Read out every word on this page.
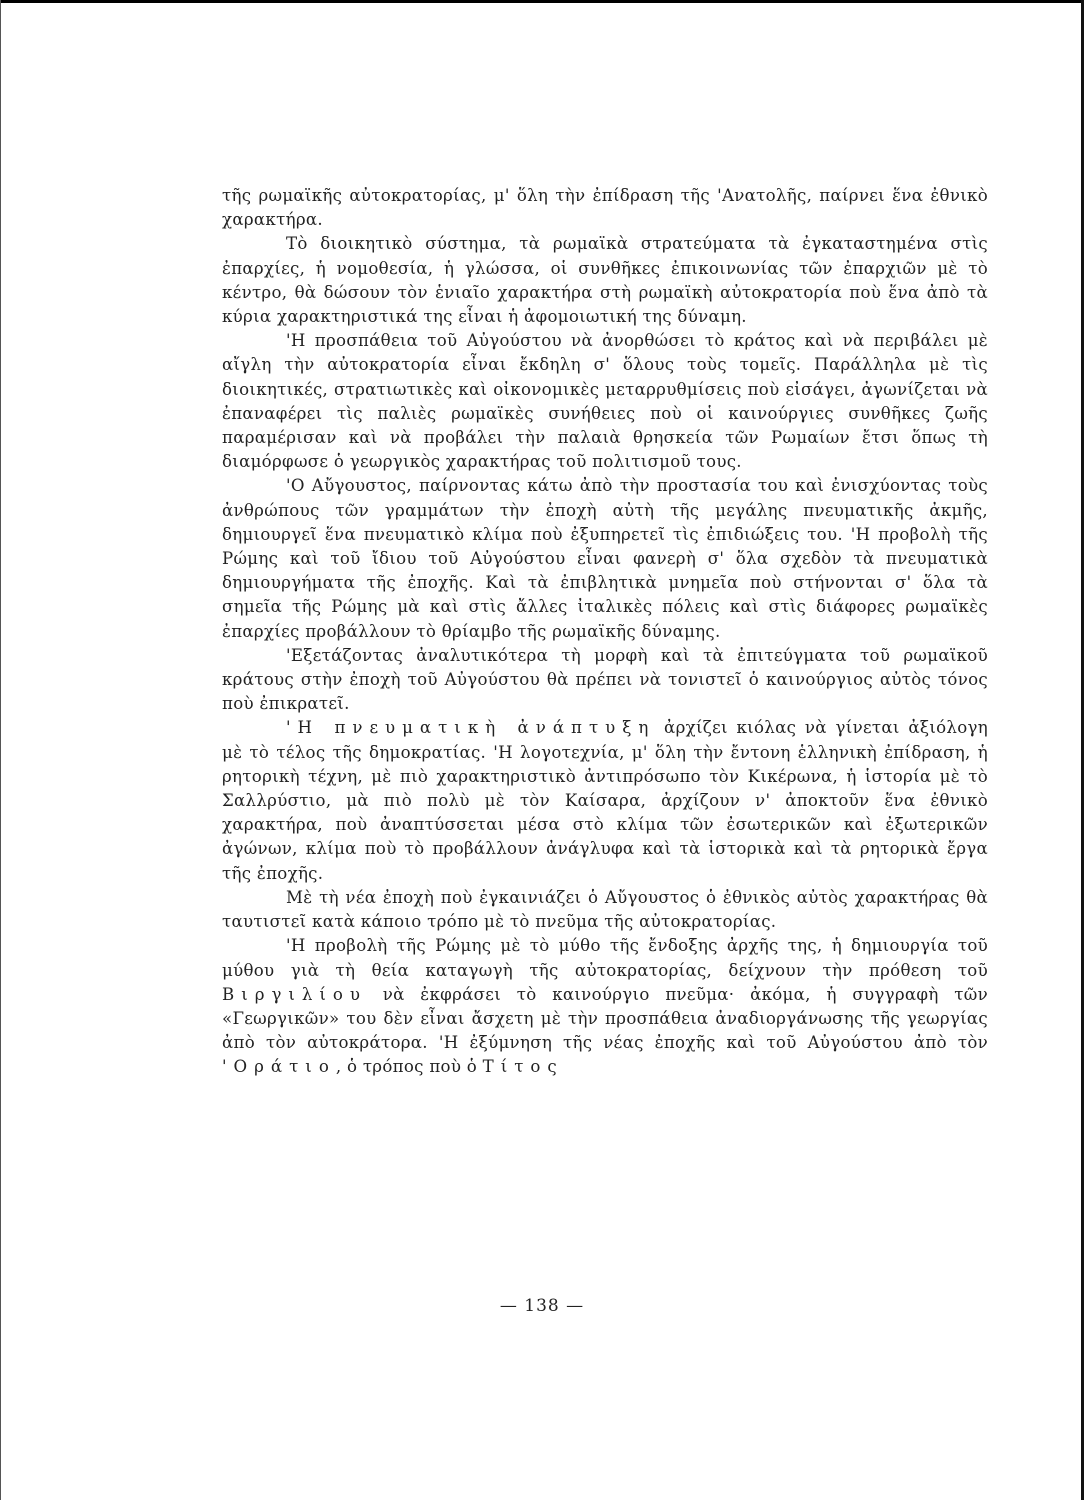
τῆς ρωμαϊκῆς αὐτοκρατορίας, μ' ὅλη τὴν ἐπίδραση τῆς 'Ανατολῆς, παίρνει ἕνα ἐθνικὸ χαρακτήρα.

Τὸ διοικητικὸ σύστημα, τὰ ρωμαϊκὰ στρατεύματα τὰ ἐγκαταστημένα στὶς ἐπαρχίες, ἡ νομοθεσία, ἡ γλώσσα, οἱ συνθῆκες ἐπικοινωνίας τῶν ἐπαρχιῶν μὲ τὸ κέντρο, θὰ δώσουν τὸν ἑνιαῖο χαρακτήρα στὴ ρωμαϊκὴ αὐτοκρατορία ποὺ ἕνα ἀπὸ τὰ κύρια χαρακτηριστικά της εἶναι ἡ ἀφομοιωτική της δύναμη.

'Η προσπάθεια τοῦ Αὐγούστου νὰ ἀνορθώσει τὸ κράτος καὶ νὰ περιβάλει μὲ αἴγλη τὴν αὐτοκρατορία εἶναι ἔκδηλη σ' ὅλους τοὺς τομεῖς. Παράλληλα μὲ τὶς διοικητικές, στρατιωτικὲς καὶ οἰκονομικὲς μεταρρυθμίσεις ποὺ εἰσάγει, ἀγωνίζεται νὰ ἐπαναφέρει τὶς παλιὲς ρωμαϊκὲς συνήθειες ποὺ οἱ καινούργιες συνθῆκες ζωῆς παραμέρισαν καὶ νὰ προβάλει τὴν παλαιὰ θρησκεία τῶν Ρωμαίων ἔτσι ὅπως τὴ διαμόρφωσε ὁ γεωργικὸς χαρακτήρας τοῦ πολιτισμοῦ τους.

'Ο Αὔγουστος, παίρνοντας κάτω ἀπὸ τὴν προστασία του καὶ ἐνισχύοντας τοὺς ἀνθρώπους τῶν γραμμάτων τὴν ἐποχὴ αὐτὴ τῆς μεγάλης πνευματικῆς ἀκμῆς, δημιουργεῖ ἕνα πνευματικὸ κλίμα ποὺ ἐξυπηρετεῖ τὶς ἐπιδιώξεις του. 'Η προβολὴ τῆς Ρώμης καὶ τοῦ ἴδιου τοῦ Αὐγούστου εἶναι φανερὴ σ' ὅλα σχεδὸν τὰ πνευματικὰ δημιουργήματα τῆς ἐποχῆς. Καὶ τὰ ἐπιβλητικὰ μνημεῖα ποὺ στήνονται σ' ὅλα τὰ σημεῖα τῆς Ρώμης μὰ καὶ στὶς ἄλλες ἰταλικὲς πόλεις καὶ στὶς διάφορες ρωμαϊκὲς ἐπαρχίες προβάλλουν τὸ θρίαμβο τῆς ρωμαϊκῆς δύναμης.

'Εξετάζοντας ἀναλυτικότερα τὴ μορφὴ καὶ τὰ ἐπιτεύγματα τοῦ ρωμαϊκοῦ κράτους στὴν ἐποχὴ τοῦ Αὐγούστου θὰ πρέπει νὰ τονιστεῖ ὁ καινούργιος αὐτὸς τόνος ποὺ ἐπικρατεῖ.

'Η πνευματικὴ ἀνάπτυξη ἀρχίζει κιόλας νὰ γίνεται ἀξιόλογη μὲ τὸ τέλος τῆς δημοκρατίας. 'Η λογοτεχνία, μ' ὅλη τὴν ἔντονη ἑλληνικὴ ἐπίδραση, ἡ ρητορικὴ τέχνη, μὲ πιὸ χαρακτηριστικὸ ἀντιπρόσωπο τὸν Κικέρωνα, ἡ ἱστορία μὲ τὸ Σαλλρύστιο, μὰ πιὸ πολὺ μὲ τὸν Καίσαρα, ἀρχίζουν ν' ἀποκτοῦν ἕνα ἐθνικὸ χαρακτήρα, ποὺ ἀναπτύσσεται μέσα στὸ κλίμα τῶν ἐσωτερικῶν καὶ ἐξωτερικῶν ἀγώνων, κλίμα ποὺ τὸ προβάλλουν ἀνάγλυφα καὶ τὰ ἱστορικὰ καὶ τὰ ρητορικὰ ἔργα τῆς ἐποχῆς.

Μὲ τὴ νέα ἐποχὴ ποὺ ἐγκαινιάζει ὁ Αὔγουστος ὁ ἐθνικὸς αὐτὸς χαρακτήρας θὰ ταυτιστεῖ κατὰ κάποιο τρόπο μὲ τὸ πνεῦμα τῆς αὐτοκρατορίας.

'Η προβολὴ τῆς Ρώμης μὲ τὸ μύθο τῆς ἔνδοξης ἀρχῆς της, ἡ δημιουργία τοῦ μύθου γιὰ τὴ θεία καταγωγὴ τῆς αὐτοκρατορίας, δείχνουν τὴν πρόθεση τοῦ Βιργιλίου νὰ ἐκφράσει τὸ καινούργιο πνεῦμα· ἀκόμα, ἡ συγγραφὴ τῶν «Γεωργικῶν» του δὲν εἶναι ἄσχετη μὲ τὴν προσπάθεια ἀναδιοργάνωσης τῆς γεωργίας ἀπὸ τὸν αὐτοκράτορα. 'Η ἐξύμνηση τῆς νέας ἐποχῆς καὶ τοῦ Αὐγούστου ἀπὸ τὸν 'Οράτιο, ὁ τρόπος ποὺ ὁ Τίτος

— 138 —
